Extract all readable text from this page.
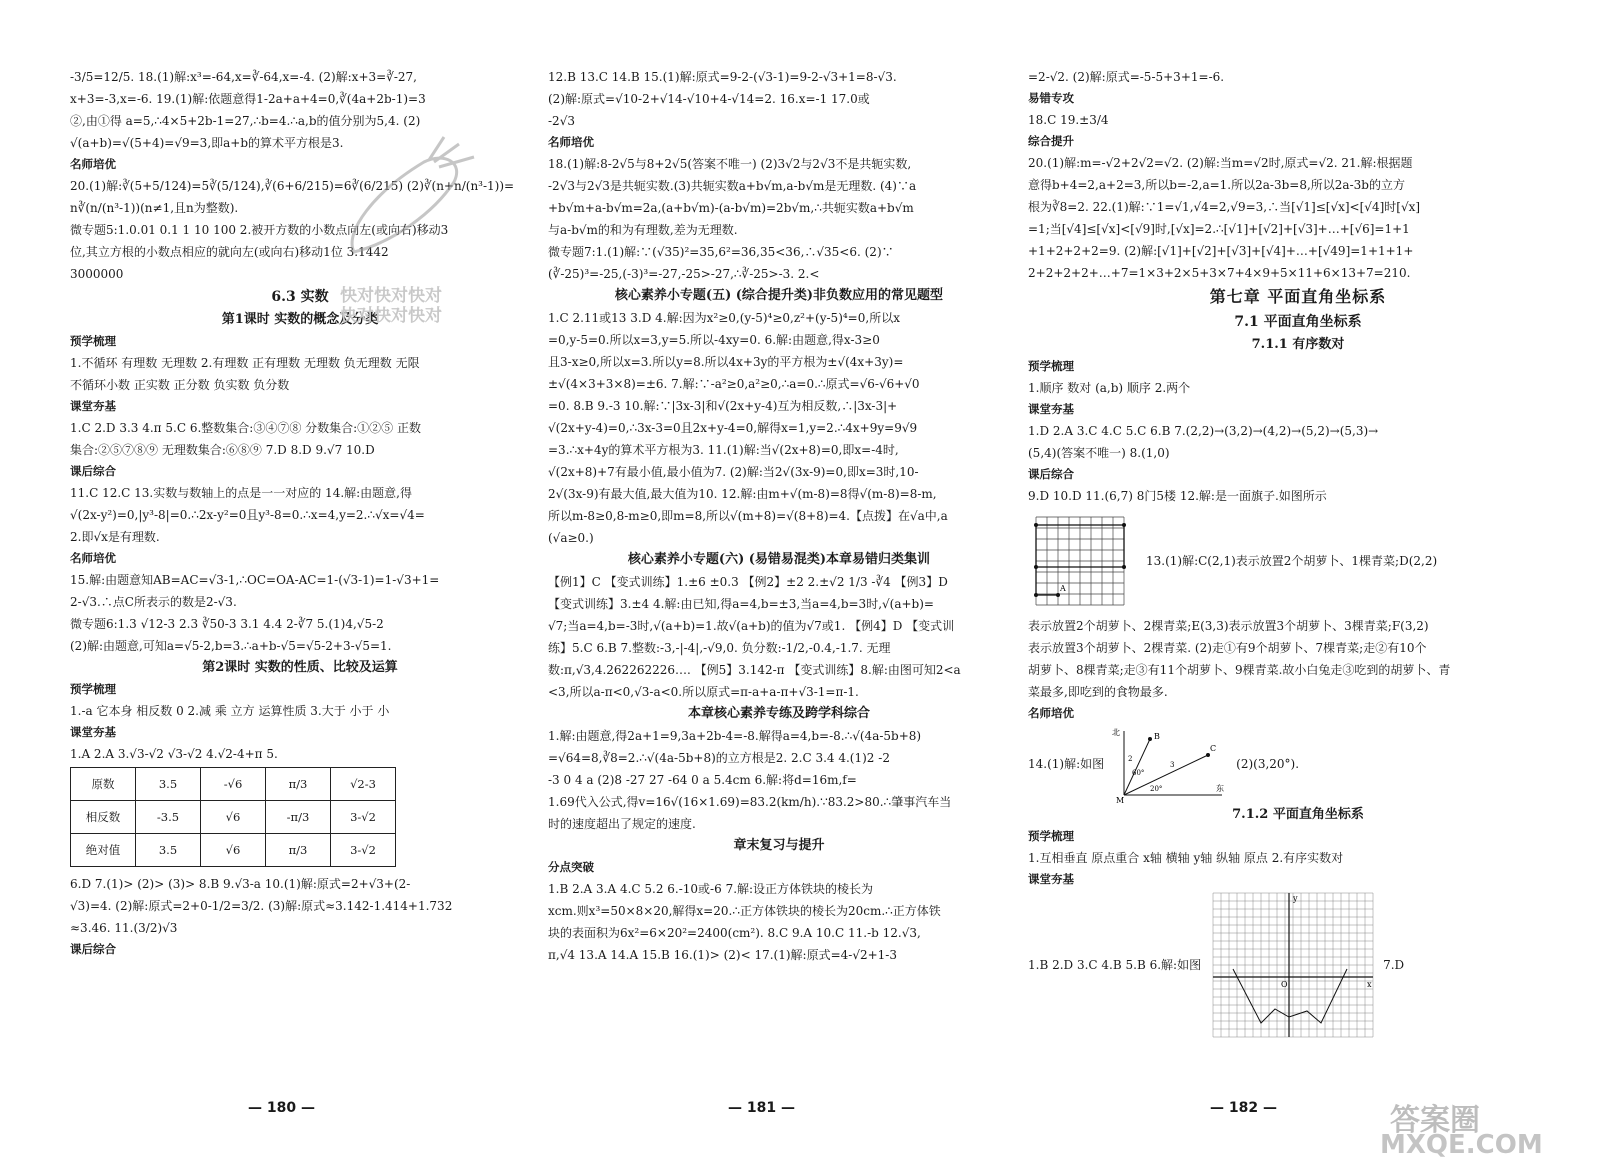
-3/5=12/5. 18.(1)解:x³=-64,x=∛-64,x=-4. (2)解:x+3=∛-27,
x+3=-3,x=-6. 19.(1)解:依题意得1-2a+a+4=0,∛(4a+2b-1)=3
②,由①得 a=5,∴4×5+2b-1=27,∴b=4.∴a,b的值分别为5,4. (2)
√(a+b)=√(5+4)=√9=3,即a+b的算术平方根是3.
名师培优
20.(1)解:∛(5+5/124)=5∛(5/124),∛(6+6/215)=6∛(6/215) (2)∛(n+n/(n³-1))=
n∛(n/(n³-1))(n≠1,且n为整数).
微专题5:1.0.01 0.1 1 10 100 2.被开方数的小数点向左(或向右)移动3
位,其立方根的小数点相应的就向左(或向右)移动1位 3.1442
3000000
6.3 实数
第1课时 实数的概念及分类
预学梳理
1.不循环 有理数 无理数 2.有理数 正有理数 无理数 负无理数 无限
不循环小数 正实数 正分数 负实数 负分数
课堂夯基
1.C 2.D 3.3 4.π 5.C 6.整数集合:③④⑦⑧ 分数集合:①②⑤ 正数
集合:②⑤⑦⑧⑨ 无理数集合:⑥⑧⑨ 7.D 8.D 9.√7 10.D
课后综合
11.C 12.C 13.实数与数轴上的点是一一对应的 14.解:由题意,得
√(2x-y²)=0,|y³-8|=0.∴2x-y²=0且y³-8=0.∴x=4,y=2.∴√x=√4=
2.即√x是有理数.
名师培优
15.解:由题意知AB=AC=√3-1,∴OC=OA-AC=1-(√3-1)=1-√3+1=
2-√3.∴点C所表示的数是2-√3.
微专题6:1.3 √12-3 2.3 ∛50-3 3.1 4.4 2-∛7 5.(1)4,√5-2
(2)解:由题意,可知a=√5-2,b=3.∴a+b-√5=√5-2+3-√5=1.
第2课时 实数的性质、比较及运算
预学梳理
1.-a 它本身 相反数 0 2.减 乘 立方 运算性质 3.大于 小于 小
课堂夯基
1.A 2.A 3.√3-√2 √3-√2 4.√2-4+π 5.
原数	3.5	-√6	π/3	√2-3
相反数	-3.5	√6	-π/3	3-√2
绝对值	3.5	√6	π/3	3-√2
6.D 7.(1)> (2)> (3)> 8.B 9.√3-a 10.(1)解:原式=2+√3+(2-
√3)=4. (2)解:原式=2+0-1/2=3/2. (3)解:原式≈3.142-1.414+1.732
≈3.46. 11.(3/2)√3
课后综合
12.B 13.C 14.B 15.(1)解:原式=9-2-(√3-1)=9-2-√3+1=8-√3.
(2)解:原式=√10-2+√14-√10+4-√14=2. 16.x=-1 17.0或
-2√3
名师培优
18.(1)解:8-2√5与8+2√5(答案不唯一) (2)3√2与2√3不是共轭实数,
-2√3与2√3是共轭实数.(3)共轭实数a+b√m,a-b√m是无理数. (4)∵a
+b√m+a-b√m=2a,(a+b√m)-(a-b√m)=2b√m,∴共轭实数a+b√m
与a-b√m的和为有理数,差为无理数.
微专题7:1.(1)解:∵(√35)²=35,6²=36,35<36,∴√35<6. (2)∵
(∛-25)³=-25,(-3)³=-27,-25>-27,∴∛-25>-3. 2.<
核心素养小专题(五) (综合提升类)非负数应用的常见题型
1.C 2.11或13 3.D 4.解:因为x²≥0,(y-5)⁴≥0,z²+(y-5)⁴=0,所以x
=0,y-5=0.所以x=3,y=5.所以-4xy=0. 6.解:由题意,得x-3≥0
且3-x≥0,所以x=3.所以y=8.所以4x+3y的平方根为±√(4x+3y)=
±√(4×3+3×8)=±6. 7.解:∵-a²≥0,a²≥0,∴a=0.∴原式=√6-√6+√0
=0. 8.B 9.-3 10.解:∵|3x-3|和√(2x+y-4)互为相反数,∴|3x-3|+
√(2x+y-4)=0,∴3x-3=0且2x+y-4=0,解得x=1,y=2.∴4x+9y=9√9
=3.∴x+4y的算术平方根为3. 11.(1)解:当√(2x+8)=0,即x=-4时,
√(2x+8)+7有最小值,最小值为7. (2)解:当2√(3x-9)=0,即x=3时,10-
2√(3x-9)有最大值,最大值为10. 12.解:由m+√(m-8)=8得√(m-8)=8-m,
所以m-8≥0,8-m≥0,即m=8,所以√(m+8)=√(8+8)=4.【点拨】在√a中,a
(√a≥0.)
核心素养小专题(六) (易错易混类)本章易错归类集训
【例1】C 【变式训练】1.±6 ±0.3 【例2】±2 2.±√2 1/3 -∛4 【例3】D
【变式训练】3.±4 4.解:由已知,得a=4,b=±3,当a=4,b=3时,√(a+b)=
√7;当a=4,b=-3时,√(a+b)=1.故√(a+b)的值为√7或1. 【例4】D 【变式训
练】5.C 6.B 7.整数:-3,-|-4|,-√9,0. 负分数:-1/2,-0.4,-1.7. 无理
数:π,√3,4.262262226…. 【例5】3.142-π 【变式训练】8.解:由图可知2<a
<3,所以a-π<0,√3-a<0.所以原式=π-a+a-π+√3-1=π-1.
本章核心素养专练及跨学科综合
1.解:由题意,得2a+1=9,3a+2b-4=-8.解得a=4,b=-8.∴√(4a-5b+8)
=√64=8,∛8=2.∴√(4a-5b+8)的立方根是2. 2.C 3.4 4.(1)2 -2
-3 0 4 a (2)8 -27 27 -64 0 a 5.4cm 6.解:将d=16m,f=
1.69代入公式,得v=16√(16×1.69)=83.2(km/h).∵83.2>80.∴肇事汽车当
时的速度超出了规定的速度.
章末复习与提升
分点突破
1.B 2.A 3.A 4.C 5.2 6.-10或-6 7.解:设正方体铁块的棱长为
xcm.则x³=50×8×20,解得x=20.∴正方体铁块的棱长为20cm.∴正方体铁
块的表面积为6x²=6×20²=2400(cm²). 8.C 9.A 10.C 11.-b 12.√3,
π,√4 13.A 14.A 15.B 16.(1)> (2)< 17.(1)解:原式=4-√2+1-3
=2-√2. (2)解:原式=-5-5+3+1=-6.
易错专攻
18.C 19.±3/4
综合提升
20.(1)解:m=-√2+2√2=√2. (2)解:当m=√2时,原式=√2. 21.解:根据题
意得b+4=2,a+2=3,所以b=-2,a=1.所以2a-3b=8,所以2a-3b的立方
根为∛8=2. 22.(1)解:∵1=√1,√4=2,√9=3,∴当[√1]≤[√x]<[√4]时[√x]
=1;当[√4]≤[√x]<[√9]时,[√x]=2.∴[√1]+[√2]+[√3]+…+[√6]=1+1
+1+2+2+2=9. (2)解:[√1]+[√2]+[√3]+[√4]+…+[√49]=1+1+1+
2+2+2+2+…+7=1×3+2×5+3×7+4×9+5×11+6×13+7=210.
第七章 平面直角坐标系
7.1 平面直角坐标系
7.1.1 有序数对
预学梳理
1.顺序 数对 (a,b) 顺序 2.两个
课堂夯基
1.D 2.A 3.C 4.C 5.C 6.B 7.(2,2)→(3,2)→(4,2)→(5,2)→(5,3)→
(5,4)(答案不唯一) 8.(1,0)
课后综合
9.D 10.D 11.(6,7) 8门5楼 12.解:是一面旗子.如图所示
A
13.(1)解:C(2,1)表示放置2个胡萝卜、1棵青菜;D(2,2)
表示放置2个胡萝卜、2棵青菜;E(3,3)表示放置3个胡萝卜、3棵青菜;F(3,2)
表示放置3个胡萝卜、2棵青菜. (2)走①有9个胡萝卜、7棵青菜;走②有10个
胡萝卜、8棵青菜;走③有11个胡萝卜、9棵青菜.故小白兔走③吃到的胡萝卜、青
菜最多,即吃到的食物最多.
名师培优
14.(1)解:如图
北	B
C
东
M
60°
20°
2
3	(2)(3,20°).
7.1.2 平面直角坐标系
预学梳理
1.互相垂直 原点重合 x轴 横轴 y轴 纵轴 原点 2.有序实数对
课堂夯基
1.B 2.D 3.C 4.B 5.B 6.解:如图
y
x
O
7.D
— 180 —	— 181 —	— 182 —
快对快对快对
快对快对快对
答案圈
MXQE.COM
